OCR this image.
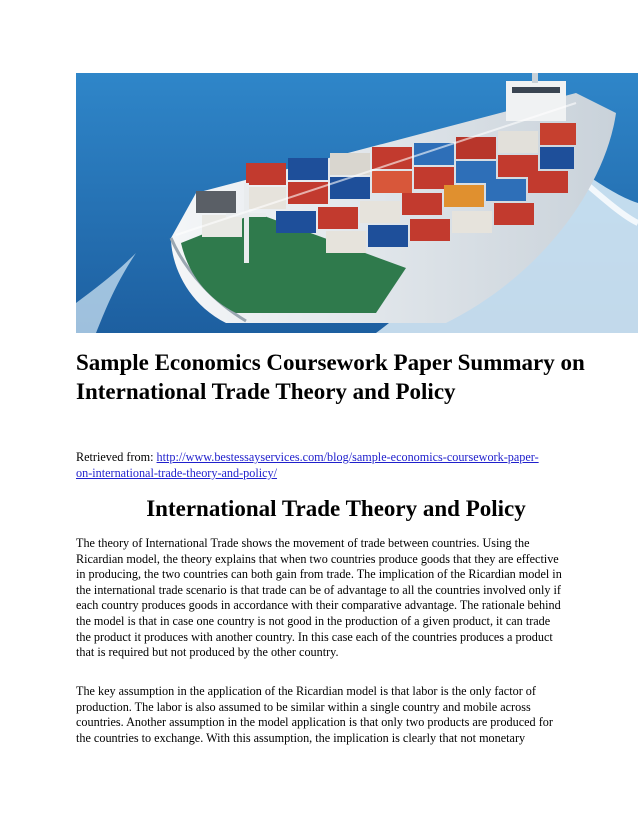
Sample Economics Coursework Paper Summary on International Trade Theory and Policy

Retrieved from: http://www.bestessayservices.com/blog/sample-economics-coursework-paper-
on-international-trade-theory-and-policy/

International Trade Theory and Policy

The theory of International Trade shows the movement of trade between countries. Using the Ricardian model, the theory explains that when two countries produce goods that they are effective in producing, the two countries can both gain from trade. The implication of the Ricardian model in the international trade scenario is that trade can be of advantage to all the countries involved only if each country produces goods in accordance with their comparative advantage. The rationale behind the model is that in case one country is not good in the production of a given product, it can trade the product it produces with another country. In this case each of the countries produces a product that is required but not produced by the other country.

The key assumption in the application of the Ricardian model is that labor is the only factor of production. The labor is also assumed to be similar within a single country and mobile across countries. Another assumption in the model application is that only two products are produced for the countries to exchange. With this assumption, the implication is clearly that not monetary
